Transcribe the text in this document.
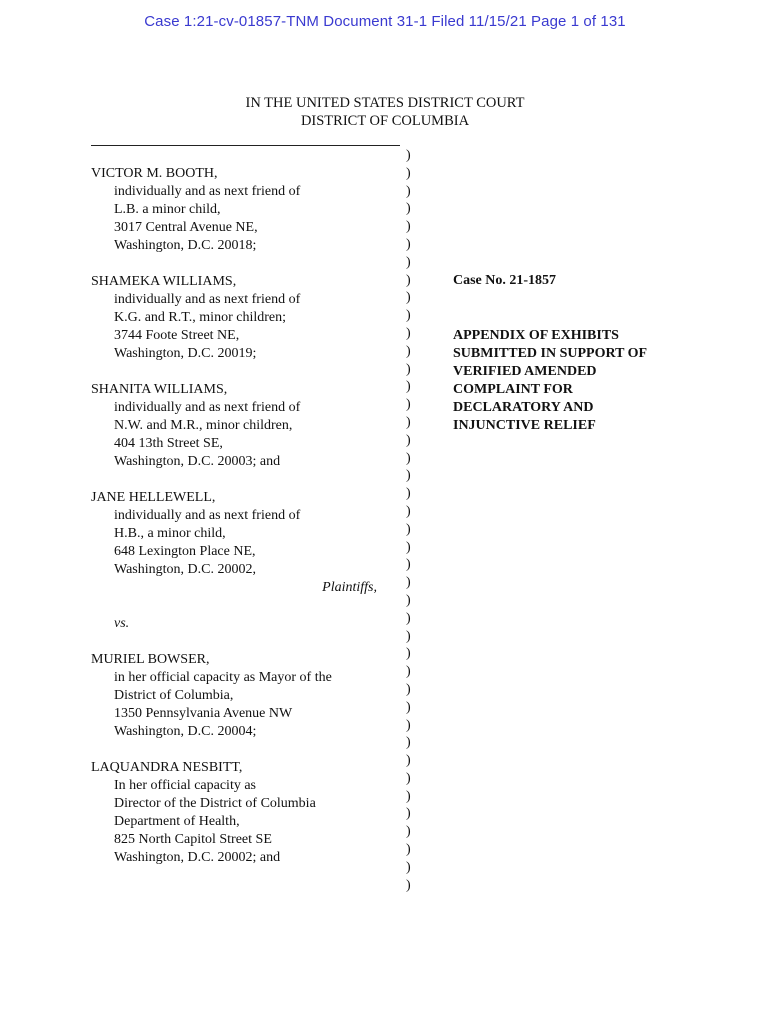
Case 1:21-cv-01857-TNM Document 31-1 Filed 11/15/21 Page 1 of 131
IN THE UNITED STATES DISTRICT COURT
DISTRICT OF COLUMBIA
VICTOR M. BOOTH,
individually and as next friend of
L.B. a minor child,
3017 Central Avenue NE,
Washington, D.C. 20018;
SHAMEKA WILLIAMS,
individually and as next friend of
K.G. and R.T., minor children;
3744 Foote Street NE,
Washington, D.C. 20019;
SHANITA WILLIAMS,
individually and as next friend of
N.W. and M.R., minor children,
404 13th Street SE,
Washington, D.C. 20003; and
JANE HELLEWELL,
individually and as next friend of
H.B., a minor child,
648 Lexington Place NE,
Washington, D.C. 20002,
Plaintiffs,
vs.
MURIEL BOWSER,
in her official capacity as Mayor of the
District of Columbia,
1350 Pennsylvania Avenue NW
Washington, D.C. 20004;
LAQUANDRA NESBITT,
In her official capacity as
Director of the District of Columbia
Department of Health,
825 North Capitol Street SE
Washington, D.C. 20002; and
)
)
)
)
)
)
)
)
)
)
)
)
)
)
)
)
)
)
)
)
)
)
)
)
)
)
)
)
)
)
)
)
)
)
)
)
)
)
)
)
)
)
Case No. 21-1857
APPENDIX OF EXHIBITS SUBMITTED IN SUPPORT OF VERIFIED AMENDED COMPLAINT FOR DECLARATORY AND INJUNCTIVE RELIEF
